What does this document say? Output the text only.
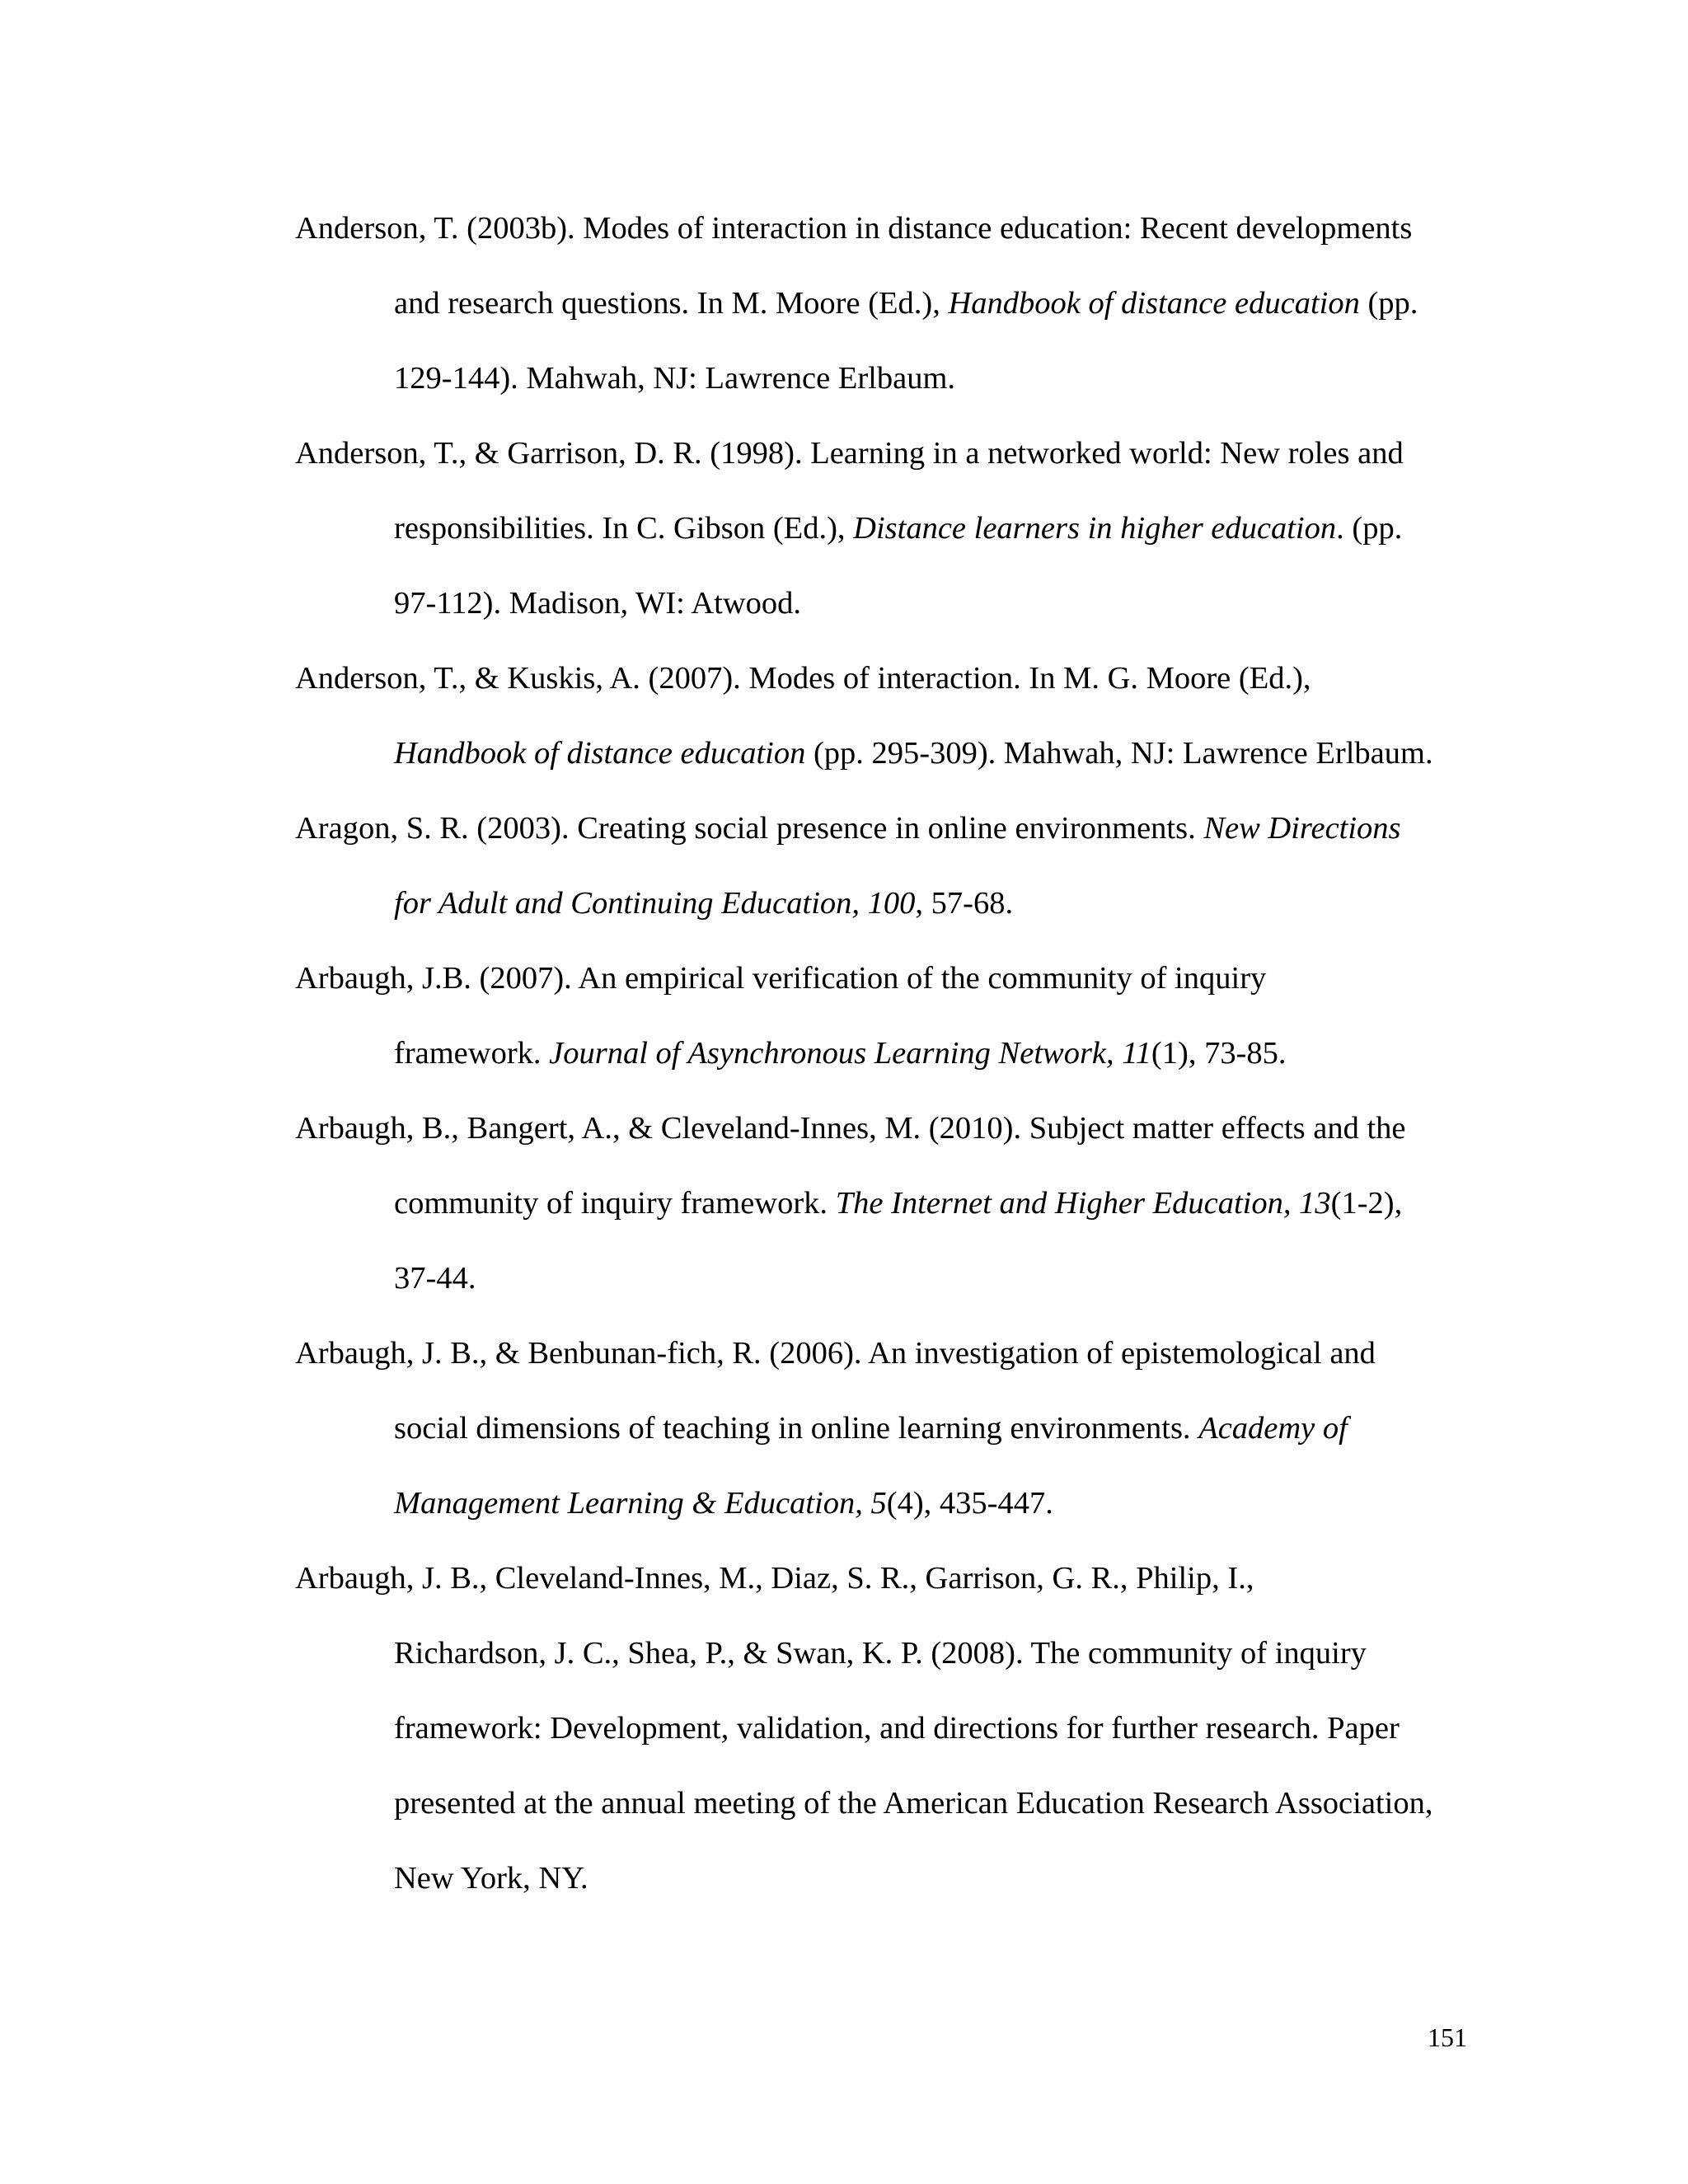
Anderson, T. (2003b). Modes of interaction in distance education: Recent developments
and research questions. In M. Moore (Ed.), Handbook of distance education (pp.
129-144). Mahwah, NJ: Lawrence Erlbaum.
Anderson, T., & Garrison, D. R. (1998). Learning in a networked world: New roles and
responsibilities. In C. Gibson (Ed.), Distance learners in higher education. (pp.
97-112). Madison, WI: Atwood.
Anderson, T., & Kuskis, A. (2007). Modes of interaction. In M. G. Moore (Ed.),
Handbook of distance education (pp. 295-309). Mahwah, NJ: Lawrence Erlbaum.
Aragon, S. R. (2003). Creating social presence in online environments. New Directions
for Adult and Continuing Education, 100, 57-68.
Arbaugh, J.B. (2007). An empirical verification of the community of inquiry
framework. Journal of Asynchronous Learning Network, 11(1), 73-85.
Arbaugh, B., Bangert, A., & Cleveland-Innes, M. (2010). Subject matter effects and the
community of inquiry framework. The Internet and Higher Education, 13(1-2),
37-44.
Arbaugh, J. B., & Benbunan-fich, R. (2006). An investigation of epistemological and
social dimensions of teaching in online learning environments. Academy of
Management Learning & Education, 5(4), 435-447.
Arbaugh, J. B., Cleveland-Innes, M., Diaz, S. R., Garrison, G. R., Philip, I.,
Richardson, J. C., Shea, P., & Swan, K. P. (2008). The community of inquiry
framework: Development, validation, and directions for further research. Paper
presented at the annual meeting of the American Education Research Association,
New York, NY.
151
